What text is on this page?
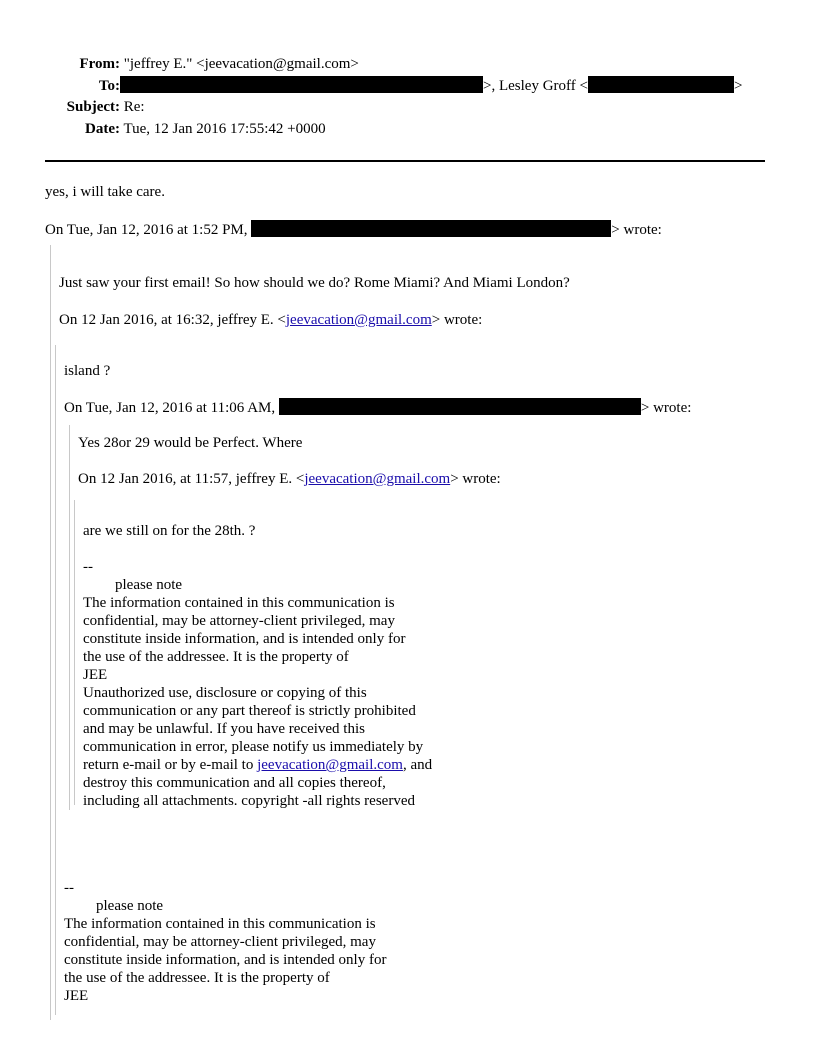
From: "jeffrey E." <jeevacation@gmail.com>
To:	>, Lesley Groff <	>
Subject: Re:
Date: Tue, 12 Jan 2016 17:55:42 +0000
yes, i will take care.
On Tue, Jan 12, 2016 at 1:52 PM,	> wrote:
Just saw your first email! So how should we do? Rome Miami? And Miami London?
On 12 Jan 2016, at 16:32, jeffrey E. <jeevacation@gmail.com> wrote:
island ?
On Tue, Jan 12, 2016 at 11:06 AM,	> wrote:
Yes 28or 29 would be Perfect. Where
On 12 Jan 2016, at 11:57, jeffrey E. <jeevacation@gmail.com> wrote:
are we still on for the 28th. ?
--
please note
The information contained in this communication is
confidential, may be attorney-client privileged, may
constitute inside information, and is intended only for
the use of the addressee. It is the property of
JEE
Unauthorized use, disclosure or copying of this
communication or any part thereof is strictly prohibited
and may be unlawful. If you have received this
communication in error, please notify us immediately by
return e-mail or by e-mail to jeevacation@gmail.com, and
destroy this communication and all copies thereof,
including all attachments. copyright -all rights reserved
--
please note
The information contained in this communication is
confidential, may be attorney-client privileged, may
constitute inside information, and is intended only for
the use of the addressee. It is the property of
JEE
